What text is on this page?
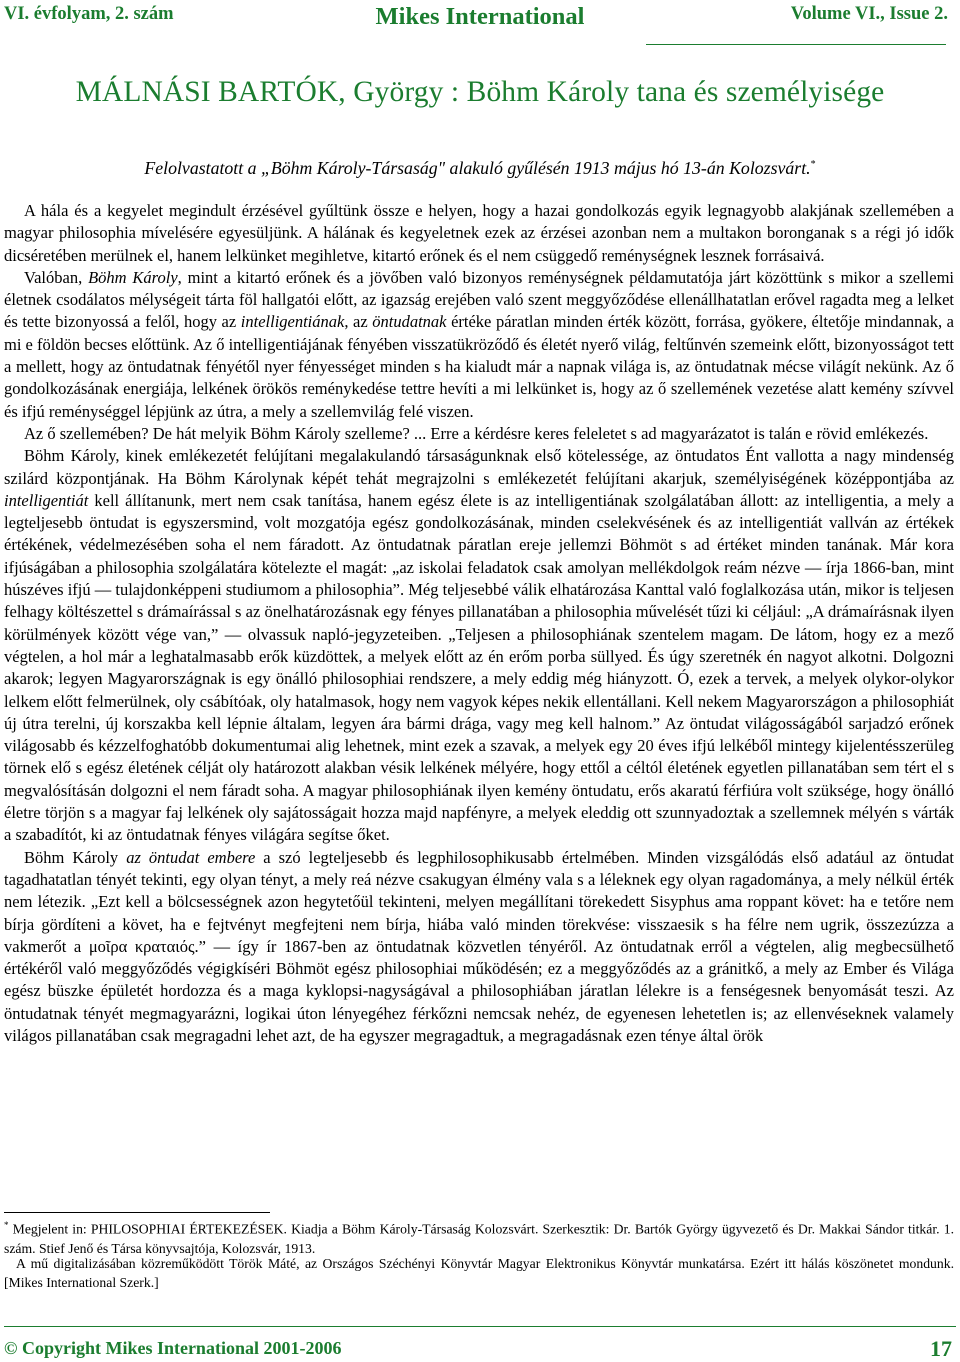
VI. évfolyam, 2. szám	Mikes International	Volume VI., Issue 2.
MÁLNÁSI BARTÓK, György : Böhm Károly tana és személyisége
Felolvastatott a „Böhm Károly-Társaság" alakuló gyűlésén 1913 május hó 13-án Kolozsvárt.*

A hála és a kegyelet megindult érzésével gyűltünk össze e helyen, hogy a hazai gondolkozás egyik legnagyobb alakjának szellemében a magyar philosophia mívelésére egyesüljünk. A hálának és kegyeletnek ezek az érzései azonban nem a multakon boronganak s a régi jó idők dicséretében merülnek el, hanem lelkünket megihletve, kitartó erőnek és el nem csüggedő reménységnek lesznek forrásaivá.

Valóban, Böhm Károly, mint a kitartó erőnek és a jövőben való bizonyos reménységnek példamutatója járt közöttünk s mikor a szellemi életnek csodálatos mélységeit tárta föl hallgatói előtt, az igazság erejében való szent meggyőződése ellenállhatatlan erővel ragadta meg a lelket és tette bizonyossá a felől, hogy az intelligentiának, az öntudatnak értéke páratlan minden érték között, forrása, gyökere, éltetője mindannak, a mi e földön becses előttünk. Az ő intelligentiájának fényében visszatükröződő és életét nyerő világ, feltűnvén szemeink előtt, bizonyosságot tett a mellett, hogy az öntudatnak fényétől nyer fényességet minden s ha kialudt már a napnak világa is, az öntudatnak mécse világít nekünk. Az ő gondolkozásának energiája, lelkének örökös reménykedése tettre hevíti a mi lelkünket is, hogy az ő szellemének vezetése alatt kemény szívvel és ifjú reménységgel lépjünk az útra, a mely a szellemvilág felé viszen.

Az ő szellemében? De hát melyik Böhm Károly szelleme? ... Erre a kérdésre keres feleletet s ad magyarázatot is talán e rövid emlékezés.

Böhm Károly, kinek emlékezetét felújítani megalakulandó társaságunknak első kötelessége, az öntudatos Ént vallotta a nagy mindenség szilárd központjának. Ha Böhm Károlynak képét tehát megrajzolni s emlékezetét felújítani akarjuk, személyiségének középpontjába az intelligentiát kell állítanunk, mert nem csak tanítása, hanem egész élete is az intelligentiának szolgálatában állott: az intelligentia, a mely a legteljesebb öntudat is egyszersmind, volt mozgatója egész gondolkozásának, minden cselekvésének és az intelligentiát vallván az értékek értékének, védelmezésében soha el nem fáradott. Az öntudatnak páratlan ereje jellemzi Böhmöt s ad értéket minden tanának. Már kora ifjúságában a philosophia szolgálatára kötelezte el magát: „az iskolai feladatok csak amolyan mellékdolgok reám nézve — írja 1866-ban, mint húszéves ifjú — tulajdonképpeni studiumom a philosophia”. Még teljesebbé válik elhatározása Kanttal való foglalkozása után, mikor is teljesen felhagy költészettel s drámaírással s az önelhatározásnak egy fényes pillanatában a philosophia művelését tűzi ki céljául: „A drámaírásnak ilyen körülmények között vége van,” — olvassuk napló-jegyzeteiben. „Teljesen a philosophiának szentelem magam. De látom, hogy ez a mező végtelen, a hol már a leghatalmasabb erők küzdöttek, a melyek előtt az én erőm porba süllyed. És úgy szeretnék én nagyot alkotni. Dolgozni akarok; legyen Magyarországnak is egy önálló philosophiai rendszere, a mely eddig még hiányzott. Ó, ezek a tervek, a melyek olykor-olykor lelkem előtt felmerülnek, oly csábítóak, oly hatalmasok, hogy nem vagyok képes nekik ellentállani. Kell nekem Magyarországon a philosophiát új útra terelni, új korszakba kell lépnie általam, legyen ára bármi drága, vagy meg kell halnom.” Az öntudat világosságából sarjadzó erőnek világosabb és kézzelfoghatóbb dokumentumai alig lehetnek, mint ezek a szavak, a melyek egy 20 éves ifjú lelkéből mintegy kijelentésszerüleg törnek elő s egész életének célját oly határozott alakban vésik lelkének mélyére, hogy ettől a céltól életének egyetlen pillanatában sem tért el s megvalósításán dolgozni el nem fáradt soha. A magyar philosophiának ilyen kemény öntudatu, erős akaratú férfiúra volt szüksége, hogy önálló életre törjön s a magyar faj lelkének oly sajátosságait hozza majd napfényre, a melyek eleddig ott szunnyadoztak a szellemnek mélyén s várták a szabadítót, ki az öntudatnak fényes világára segítse őket.

Böhm Károly az öntudat embere a szó legteljesebb és legphilosophikusabb értelmében. Minden vizsgálódás első adatául az öntudat tagadhatatlan tényét tekinti, egy olyan tényt, a mely reá nézve csakugyan élmény vala s a léleknek egy olyan ragadománya, a mely nélkül érték nem létezik. „Ezt kell a bölcsességnek azon hegytetőül tekinteni, melyen megállítani törekedett Sisyphus ama roppant követ: ha e tetőre nem bírja gördíteni a követ, ha e fejtvényt megfejteni nem bírja, hiába való minden törekvése: visszaesik s ha félre nem ugrik, összezúzza a vakmerőt a μοῖρα κραταιός.” — így ír 1867-ben az öntudatnak közvetlen tényéről. Az öntudatnak erről a végtelen, alig megbecsülhető értékéről való meggyőződés végigkíséri Böhmöt egész philosophiai működésén; ez a meggyőződés az a gránitkő, a mely az Ember és Világa egész büszke épületét hordozza és a maga kyklopsi-nagyságával a philosophiában járatlan lélekre is a fenségesnek benyomását teszi. Az öntudatnak tényét megmagyarázni, logikai úton lényegéhez férkőzni nemcsak nehéz, de egyenesen lehetetlen is; az ellenvéseknek valamely világos pillanatában csak megragadni lehet azt, de ha egyszer megragadtuk, a megragadásnak ezen ténye által örök

* Megjelent in: PHILOSOPHIAI ÉRTEKEZÉSEK. Kiadja a Böhm Károly-Társaság Kolozsvárt. Szerkesztik: Dr. Bartók György ügyvezető és Dr. Makkai Sándor titkár. 1. szám. Stief Jenő és Társa könyvsajtója, Kolozsvár, 1913.
A mű digitalizásában közreműködött Török Máté, az Országos Széchényi Könyvtár Magyar Elektronikus Könyvtár munkatársa. Ezért itt hálás köszönetet mondunk. [Mikes International Szerk.]
© Copyright Mikes International 2001-2006	17
